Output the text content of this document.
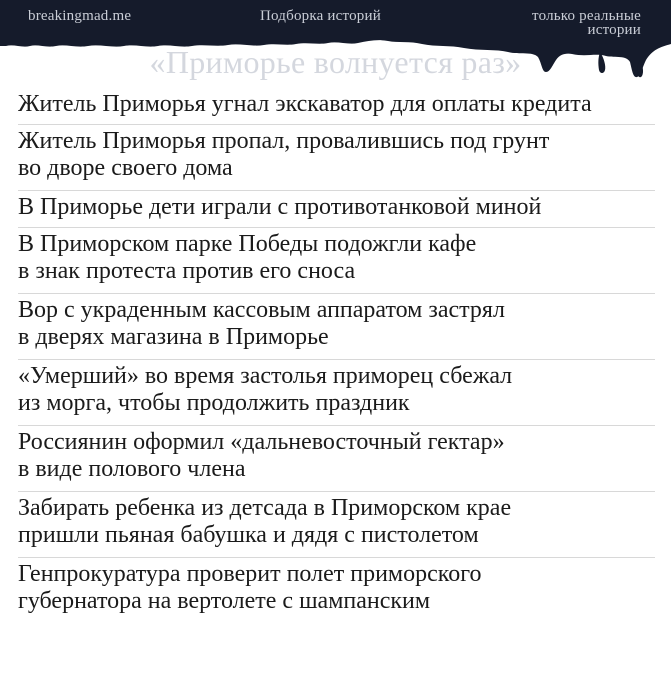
breakingmad.me	Подборка историй	только реальные истории
«Приморье волнуется раз»
Житель Приморья угнал экскаватор для оплаты кредита
Житель Приморья пропал, провалившись под грунт
во дворе своего дома
В Приморье дети играли с противотанковой миной
В Приморском парке Победы подожгли кафе
в знак протеста против его сноса
Вор с украденным кассовым аппаратом застрял
в дверях магазина в Приморье
«Умерший» во время застолья приморец сбежал
из морга, чтобы продолжить праздник
Россиянин оформил «дальневосточный гектар»
в виде полового члена
Забирать ребенка из детсада в Приморском крае
пришли пьяная бабушка и дядя с пистолетом
Генпрокуратура проверит полет приморского
губернатора на вертолете с шампанским
